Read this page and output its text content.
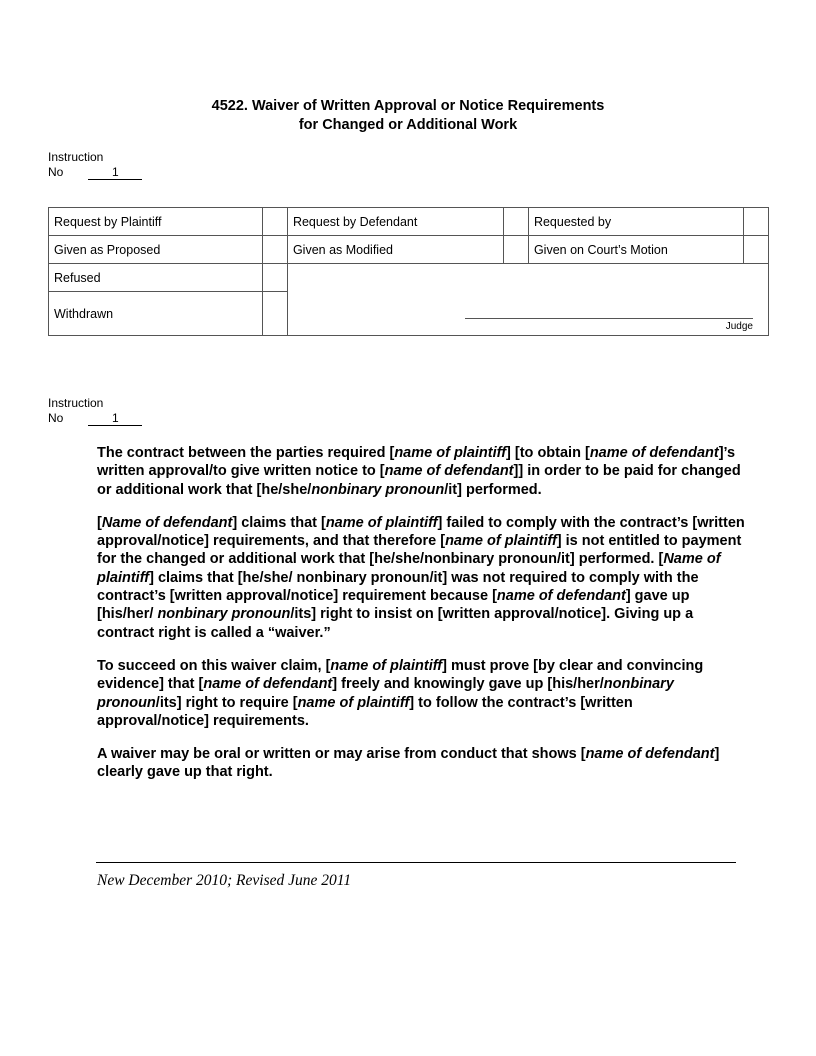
4522. Waiver of Written Approval or Notice Requirements
for Changed or Additional Work
Instruction
No	1
Request by Plaintiff		Request by Defendant		Requested by	
Given as Proposed		Given as Modified		Given on Court’s Motion	
Refused		Judge			

Withdrawn					
Instruction
No	1

The contract between the parties required [name of plaintiff] [to obtain [name of defendant]’s written approval/to give written notice to [name of defendant]] in order to be paid for changed or additional work that [he/she/nonbinary pronoun/it] performed.

[Name of defendant] claims that [name of plaintiff] failed to comply with the contract’s [written approval/notice] requirements, and that therefore [name of plaintiff] is not entitled to payment for the changed or additional work that [he/she/nonbinary pronoun/it] performed. [Name of plaintiff] claims that [he/she/ nonbinary pronoun/it] was not required to comply with the contract’s [written approval/notice] requirement because [name of defendant] gave up [his/her/ nonbinary pronoun/its] right to insist on [written approval/notice]. Giving up a contract right is called a “waiver.”

To succeed on this waiver claim, [name of plaintiff] must prove [by clear and convincing evidence] that [name of defendant] freely and knowingly gave up [his/her/nonbinary pronoun/its] right to require [name of plaintiff] to follow the contract’s [written approval/notice] requirements.

A waiver may be oral or written or may arise from conduct that shows [name of defendant] clearly gave up that right.

New December 2010; Revised June 2011
